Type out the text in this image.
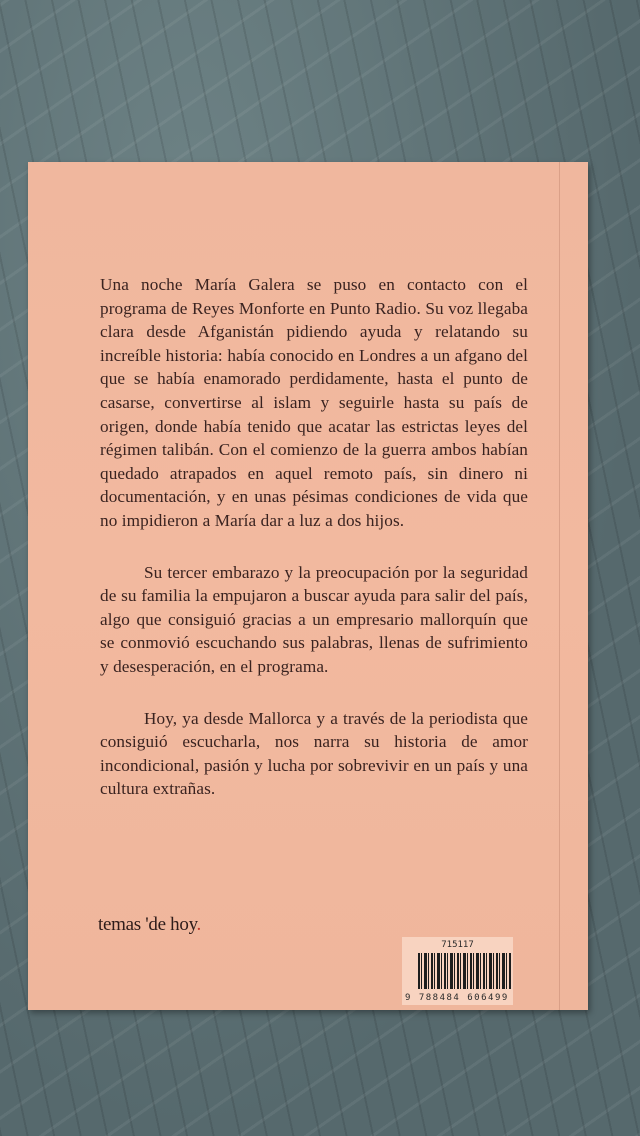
Una noche María Galera se puso en contacto con el programa de Reyes Monforte en Punto Radio. Su voz llegaba clara desde Afganistán pidiendo ayuda y relatando su increíble historia: había conocido en Londres a un afgano del que se había enamorado perdidamente, hasta el punto de casarse, convertirse al islam y seguirle hasta su país de origen, donde había tenido que acatar las estrictas leyes del régimen talibán. Con el comienzo de la guerra ambos habían quedado atrapados en aquel remoto país, sin dinero ni documentación, y en unas pésimas condiciones de vida que no impidieron a María dar a luz a dos hijos.

Su tercer embarazo y la preocupación por la seguridad de su familia la empujaron a buscar ayuda para salir del país, algo que consiguió gracias a un empresario mallorquín que se conmovió escuchando sus palabras, llenas de sufrimiento y desesperación, en el programa.

Hoy, ya desde Mallorca y a través de la periodista que consiguió escucharla, nos narra su historia de amor incondicional, pasión y lucha por sobrevivir en un país y una cultura extrañas.

temas 'de hoy.
715117
9 788484 606499
